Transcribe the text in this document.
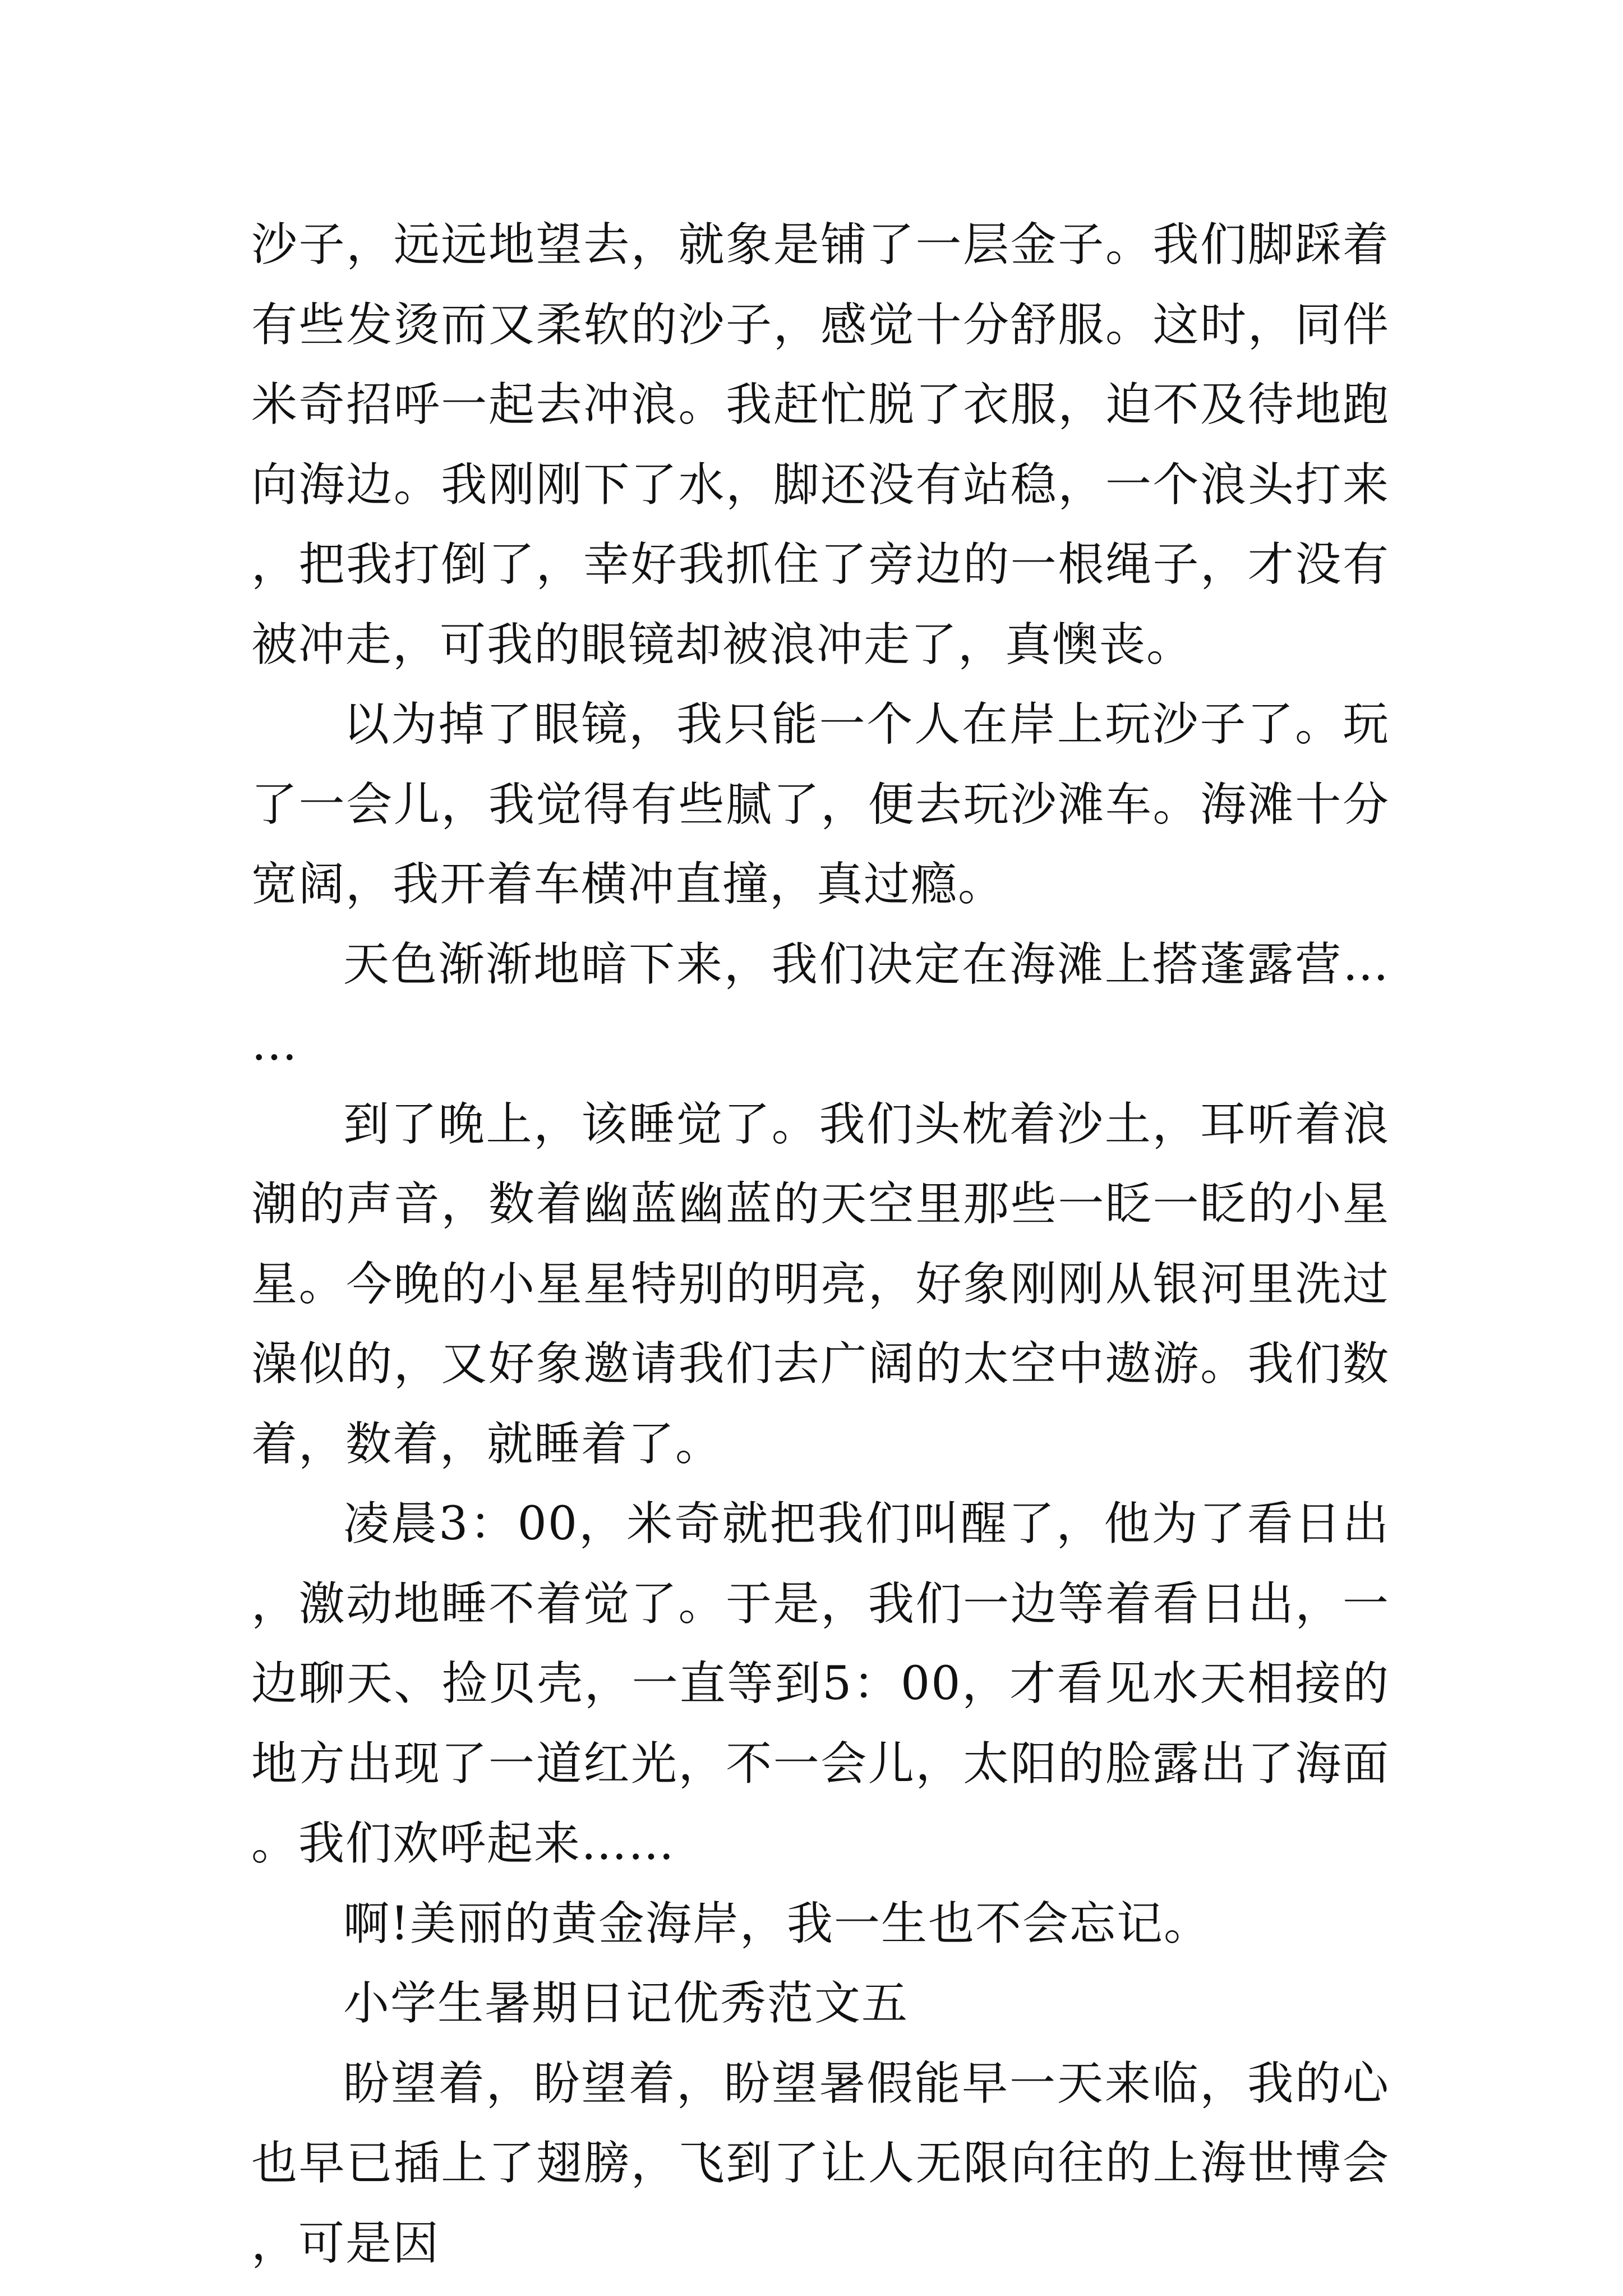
沙子，远远地望去，就象是铺了一层金子。我们脚踩着有些发烫而又柔软的沙子，感觉十分舒服。这时，同伴米奇招呼一起去冲浪。我赶忙脱了衣服，迫不及待地跑向海边。我刚刚下了水，脚还没有站稳，一个浪头打来，把我打倒了，幸好我抓住了旁边的一根绳子，才没有被冲走，可我的眼镜却被浪冲走了，真懊丧。

以为掉了眼镜，我只能一个人在岸上玩沙子了。玩了一会儿，我觉得有些腻了，便去玩沙滩车。海滩十分宽阔，我开着车横冲直撞，真过瘾。

天色渐渐地暗下来，我们决定在海滩上搭蓬露营……

到了晚上，该睡觉了。我们头枕着沙土，耳听着浪潮的声音，数着幽蓝幽蓝的天空里那些一眨一眨的小星星。今晚的小星星特别的明亮，好象刚刚从银河里洗过澡似的，又好象邀请我们去广阔的太空中遨游。我们数着，数着，就睡着了。

凌晨3：00，米奇就把我们叫醒了，他为了看日出，激动地睡不着觉了。于是，我们一边等着看日出，一边聊天、捡贝壳，一直等到5：00，才看见水天相接的地方出现了一道红光，不一会儿，太阳的脸露出了海面。我们欢呼起来……

啊!美丽的黄金海岸，我一生也不会忘记。

小学生暑期日记优秀范文五

盼望着，盼望着，盼望暑假能早一天来临，我的心也早已插上了翅膀，飞到了让人无限向往的上海世博会，可是因
